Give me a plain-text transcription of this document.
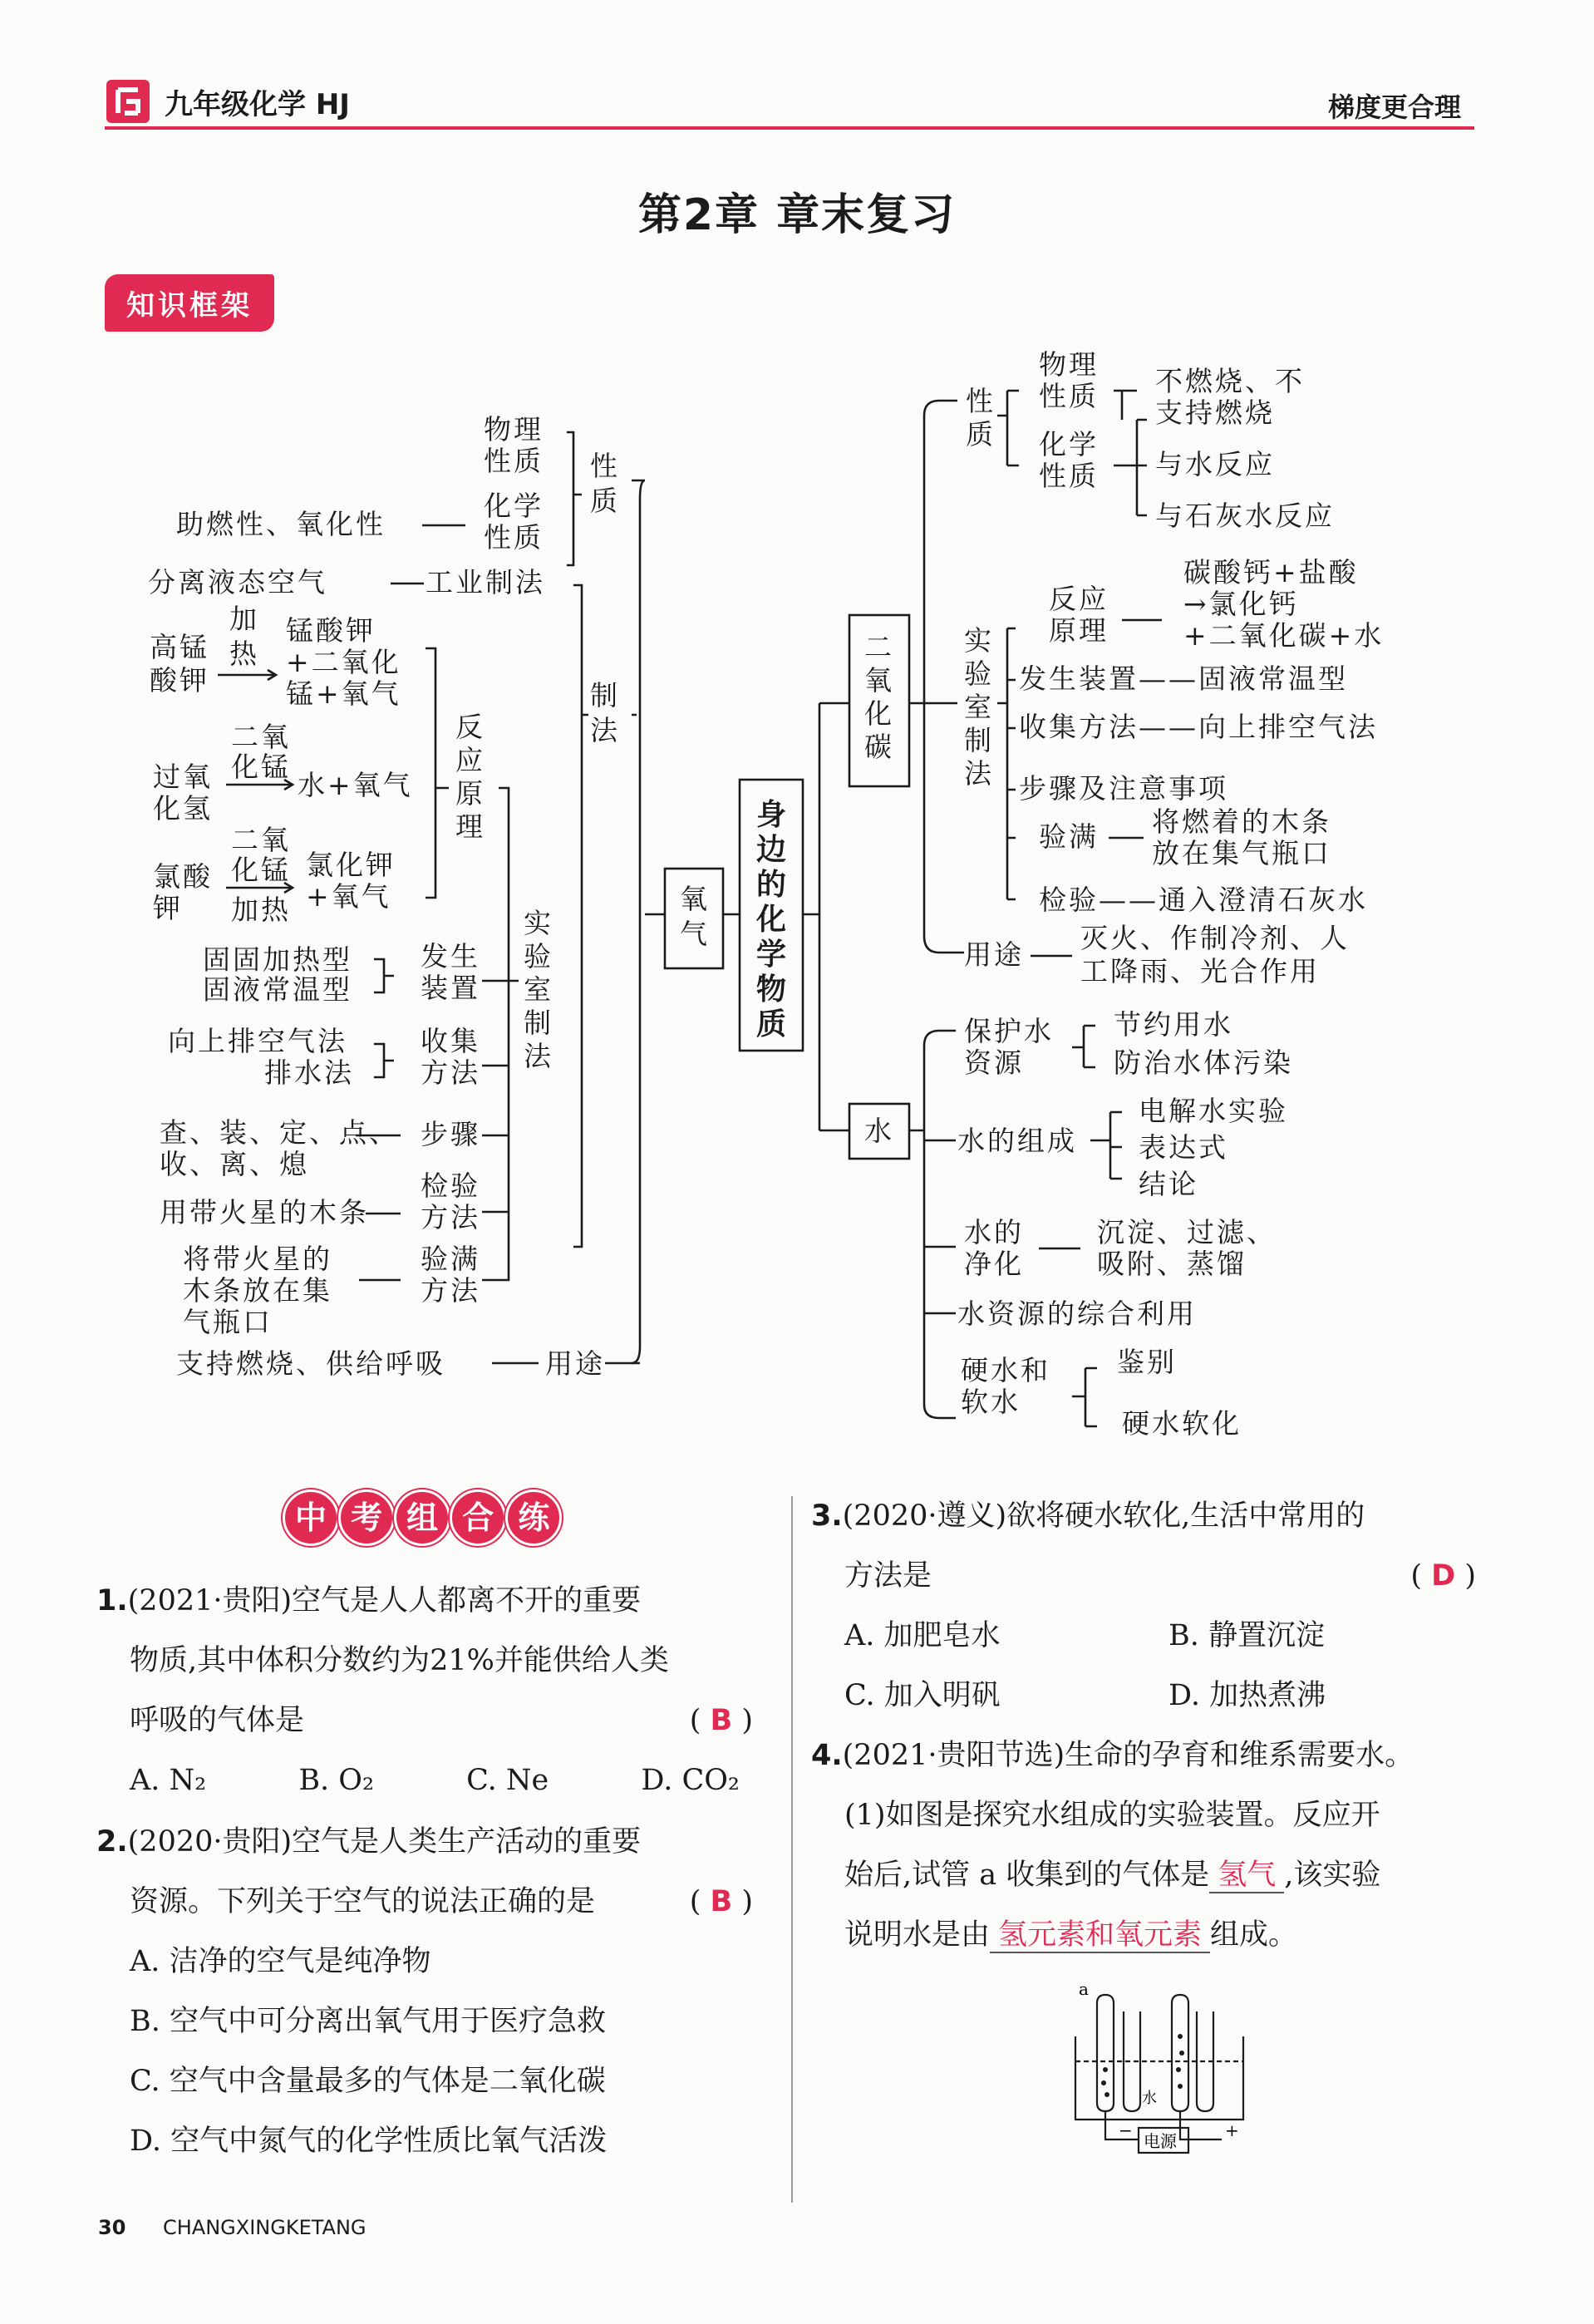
九年级化学 HJ	梯度更合理
第2章 章末复习
知识框架
身
边
的
化
学
物
质
氧
气
二
氧
化
碳
水
性
质
物理
性质
化学
性质
助燃性、氧化性
制
法
分离液态空气	工业制法
实
验
室
制
法
反
应
原
理
高锰
酸钾
加
热
锰酸钾
+二氧化
锰+氧气
过氧
化氢
二氧
化锰
水+氧气
氯酸
钾
二氧
化锰
加热
氯化钾
+氧气
固固加热型
固液常温型
发生
装置
向上排空气法
排水法
收集
方法
查、装、定、点、
收、离、熄
步骤
用带火星的木条
检验
方法
将带火星的
木条放在集
气瓶口
验满
方法
支持燃烧、供给呼吸	用途
性
质
物理
性质
化学
性质
不燃烧、不
支持燃烧
与水反应
与石灰水反应
实
验
室
制
法
反应
原理
碳酸钙+盐酸
→氯化钙
+二氧化碳+水
发生装置——固液常温型
收集方法——向上排空气法
步骤及注意事项
验满 将燃着的木条
放在集气瓶口
检验——通入澄清石灰水
用途
灭火、作制冷剂、人
工降雨、光合作用
保护水
资源
节约用水
防治水体污染
水的组成
电解水实验
表达式
结论
水的
净化
沉淀、过滤、
吸附、蒸馏
水资源的综合利用
硬水和
软水
鉴别
硬水软化
中 考 组 合 练
1.(2021·贵阳)空气是人人都离不开的重要
物质,其中体积分数约为21%并能供给人类
呼吸的气体是	( B )
A. N₂	B. O₂	C. Ne	D. CO₂
2.(2020·贵阳)空气是人类生产活动的重要
资源。下列关于空气的说法正确的是	( B )
A. 洁净的空气是纯净物
B. 空气中可分离出氧气用于医疗急救
C. 空气中含量最多的气体是二氧化碳
D. 空气中氮气的化学性质比氧气活泼
3.(2020·遵义)欲将硬水软化,生活中常用的
方法是	( D )
A. 加肥皂水	B. 静置沉淀
C. 加入明矾	D. 加热煮沸
4.(2021·贵阳节选)生命的孕育和维系需要水。
(1)如图是探究水组成的实验装置。反应开
始后,试管 a 收集到的气体是 氢气 ,该实验
说明水是由 氢元素和氧元素 组成。
a
水
电源
−	+
30 CHANGXINGKETANG
